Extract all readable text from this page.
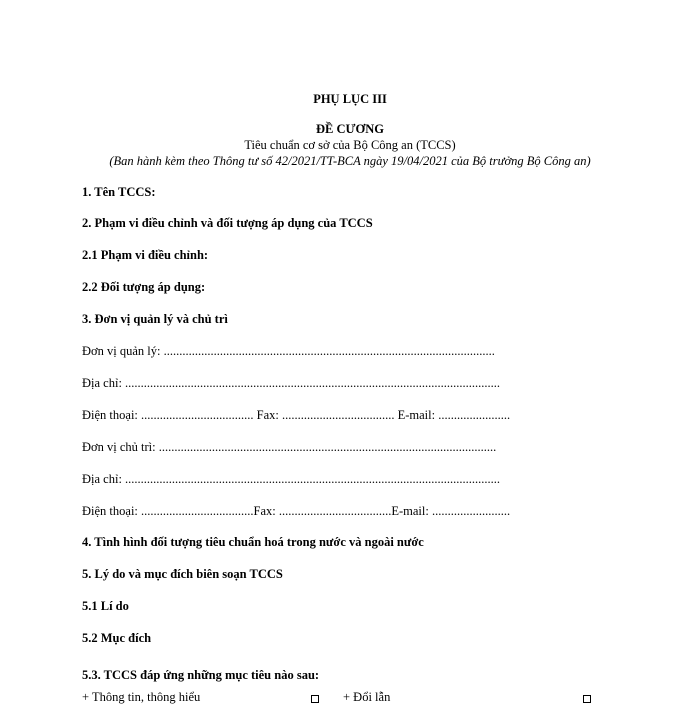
PHỤ LỤC III
ĐỀ CƯƠNG
Tiêu chuẩn cơ sở của Bộ Công an (TCCS)
(Ban hành kèm theo Thông tư số 42/2021/TT-BCA ngày 19/04/2021 của Bộ trưởng Bộ Công an)
1. Tên TCCS:
2. Phạm vi điều chỉnh và đối tượng áp dụng của TCCS
2.1 Phạm vi điều chỉnh:
2.2 Đối tượng áp dụng:
3. Đơn vị quản lý và chủ trì
Đơn vị quản lý: ..........................................................................................................
Địa chỉ: ........................................................................................................................
Điện thoại: .................................... Fax: .................................... E-mail: .......................
Đơn vị chủ trì: ............................................................................................................
Địa chỉ: ........................................................................................................................
Điện thoại: ....................................Fax: ....................................E-mail: .........................
4. Tình hình đối tượng tiêu chuẩn hoá trong nước và ngoài nước
5. Lý do và mục đích biên soạn TCCS
5.1 Lí do
5.2 Mục đích
5.3. TCCS đáp ứng những mục tiêu nào sau:
+ Thông tin, thông hiểu	+ Đổi lẫn
